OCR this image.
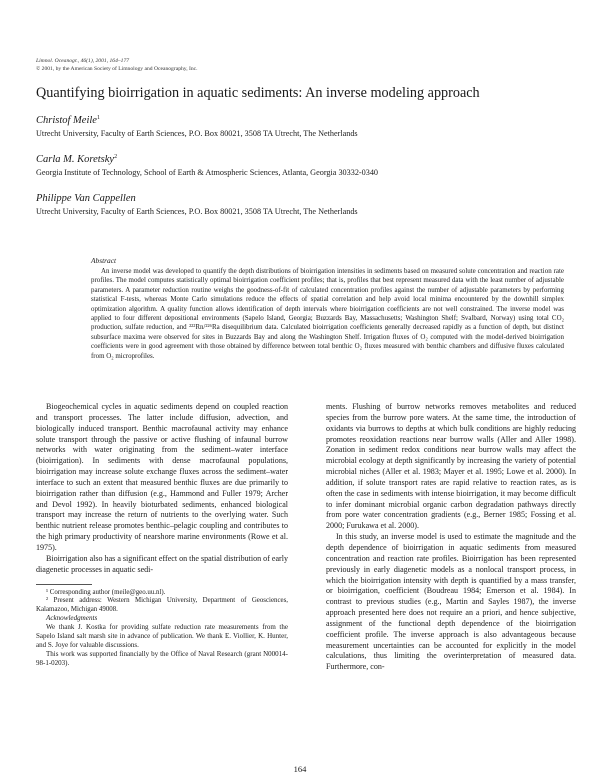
Limnol. Oceanogr., 46(1), 2001, 164–177
© 2001, by the American Society of Limnology and Oceanography, Inc.
Quantifying bioirrigation in aquatic sediments: An inverse modeling approach
Christof Meile$^1$
Utrecht University, Faculty of Earth Sciences, P.O. Box 80021, 3508 TA Utrecht, The Netherlands
Carla M. Koretsky$^2$
Georgia Institute of Technology, School of Earth & Atmospheric Sciences, Atlanta, Georgia 30332-0340
Philippe Van Cappellen
Utrecht University, Faculty of Earth Sciences, P.O. Box 80021, 3508 TA Utrecht, The Netherlands
Abstract

An inverse model was developed to quantify the depth distributions of bioirrigation intensities in sediments based on measured solute concentration and reaction rate profiles. The model computes statistically optimal bioirrigation coefficient profiles; that is, profiles that best represent measured data with the least number of adjustable parameters. A parameter reduction routine weighs the goodness-of-fit of calculated concentration profiles against the number of adjustable parameters by performing statistical F-tests, whereas Monte Carlo simulations reduce the effects of spatial correlation and help avoid local minima encountered by the downhill simplex optimization algorithm. A quality function allows identification of depth intervals where bioirrigation coefficients are not well constrained. The inverse model was applied to four different depositional environments (Sapelo Island, Georgia; Buzzards Bay, Massachusetts; Washington Shelf; Svalbard, Norway) using total CO₂ production, sulfate reduction, and ²²²Rn/²²⁶Ra disequilibrium data. Calculated bioirrigation coefficients generally decreased rapidly as a function of depth, but distinct subsurface maxima were observed for sites in Buzzards Bay and along the Washington Shelf. Irrigation fluxes of O₂ computed with the model-derived bioirrigation coefficients were in good agreement with those obtained by difference between total benthic O₂ fluxes measured with benthic chambers and diffusive fluxes calculated from O₂ microprofiles.

Biogeochemical cycles in aquatic sediments depend on coupled reaction and transport processes. The latter include diffusion, advection, and biologically induced transport. Benthic macrofaunal activity may enhance solute transport through the passive or active flushing of infaunal burrow networks with water originating from the sediment–water interface (bioirrigation). In sediments with dense macrofaunal populations, bioirrigation may increase solute exchange fluxes across the sediment–water interface to such an extent that measured benthic fluxes are due primarily to bioirrigation rather than diffusion (e.g., Hammond and Fuller 1979; Archer and Devol 1992). In heavily bioturbated sediments, enhanced biological transport may increase the return of nutrients to the overlying water. Such benthic nutrient release promotes benthic–pelagic coupling and contributes to the high primary productivity of nearshore marine environments (Rowe et al. 1975).

Bioirrigation also has a significant effect on the spatial distribution of early diagenetic processes in aquatic sedi-

¹ Corresponding author (meile@geo.uu.nl).

² Present address: Western Michigan University, Department of Geosciences, Kalamazoo, Michigan 49008.

Acknowledgments

We thank J. Kostka for providing sulfate reduction rate measurements from the Sapelo Island salt marsh site in advance of publication. We thank E. Viollier, K. Hunter, and S. Joye for valuable discussions.

This work was supported financially by the Office of Naval Research (grant N00014-98-1-0203).

ments. Flushing of burrow networks removes metabolites and reduced species from the burrow pore waters. At the same time, the introduction of oxidants via burrows to depths at which bulk conditions are highly reducing promotes reoxidation reactions near burrow walls (Aller and Aller 1998). Zonation in sediment redox conditions near burrow walls may affect the microbial ecology at depth significantly by increasing the variety of potential microbial niches (Aller et al. 1983; Mayer et al. 1995; Lowe et al. 2000). In addition, if solute transport rates are rapid relative to reaction rates, as is often the case in sediments with intense bioirrigation, it may become difficult to infer dominant microbial organic carbon degradation pathways directly from pore water concentration gradients (e.g., Berner 1985; Fossing et al. 2000; Furukawa et al. 2000).

In this study, an inverse model is used to estimate the magnitude and the depth dependence of bioirrigation in aquatic sediments from measured concentration and reaction rate profiles. Bioirrigation has been represented previously in early diagenetic models as a nonlocal transport process, in which the bioirrigation intensity with depth is quantified by a mass transfer, or bioirrigation, coefficient (Boudreau 1984; Emerson et al. 1984). In contrast to previous studies (e.g., Martin and Sayles 1987), the inverse approach presented here does not require an a priori, and hence subjective, assignment of the functional depth dependence of the bioirrigation coefficient profile. The inverse approach is also advantageous because measurement uncertainties can be accounted for explicitly in the model calculations, thus limiting the overinterpretation of measured data. Furthermore, con-

164
